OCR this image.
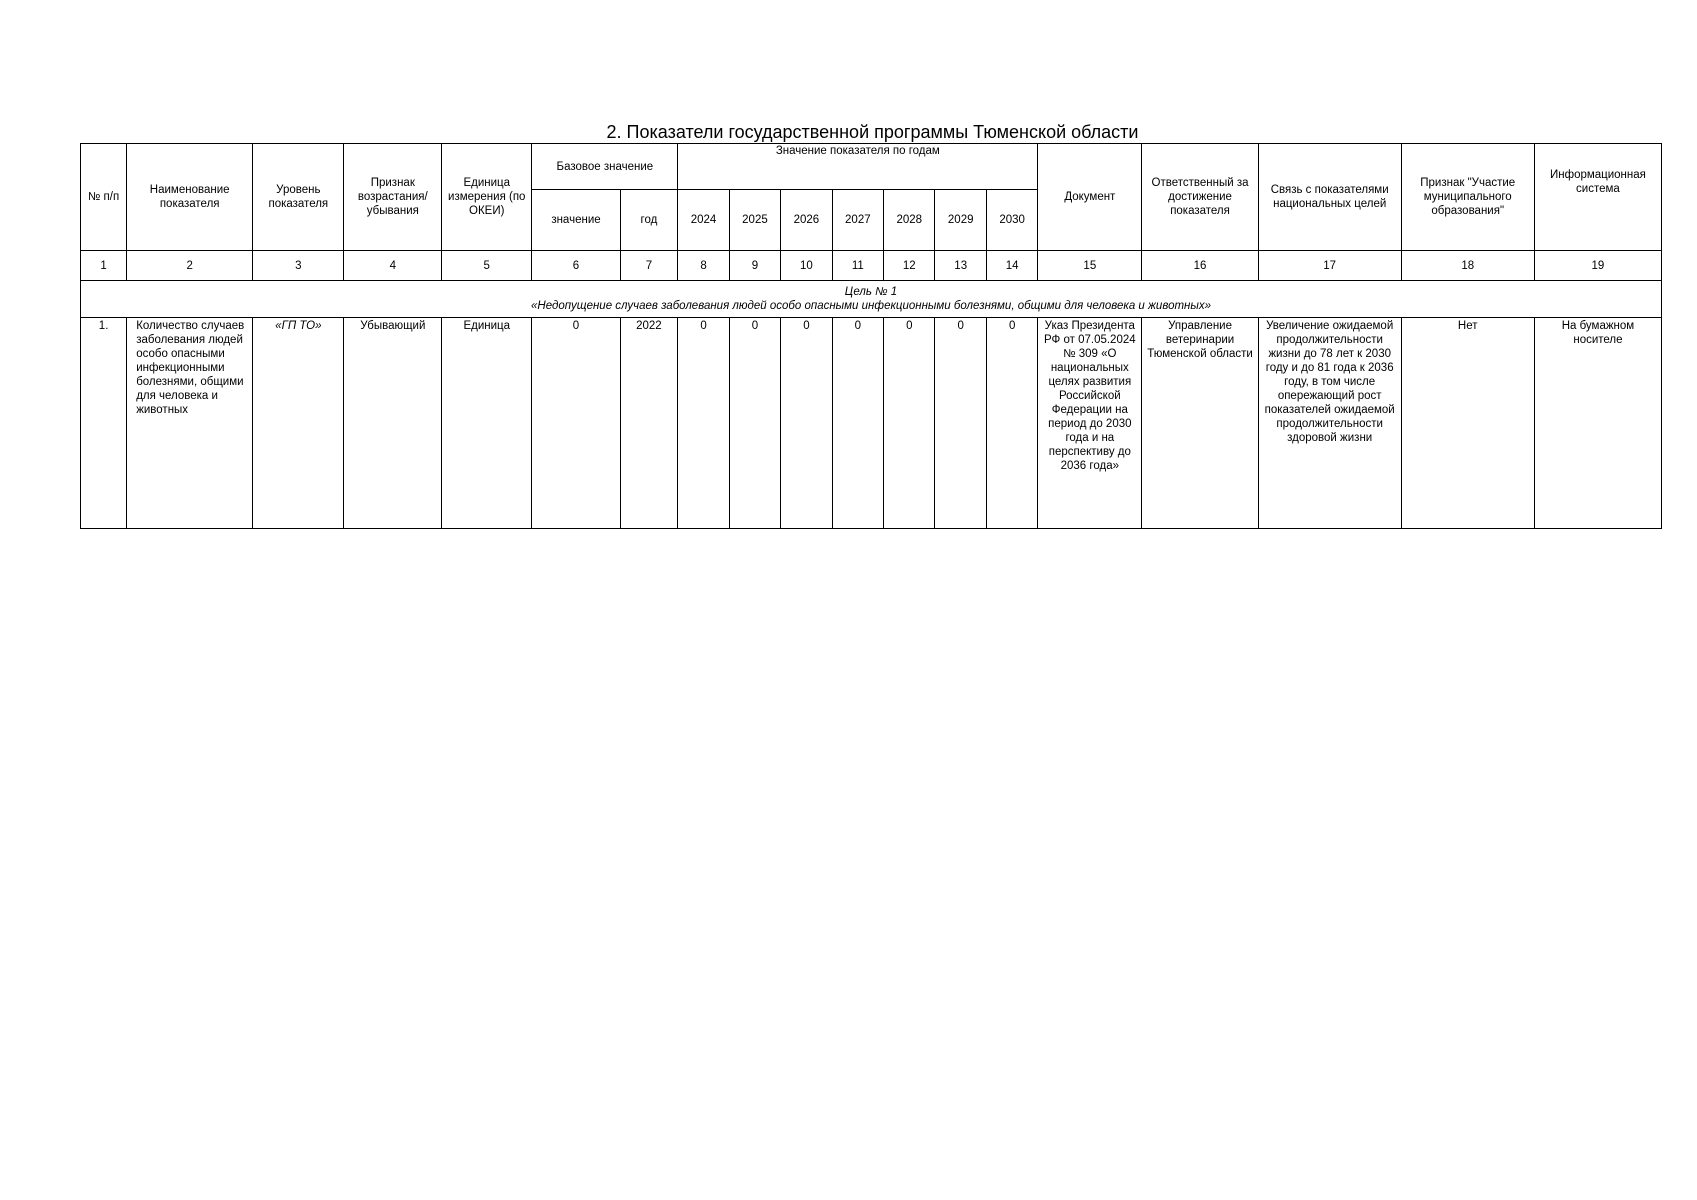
2. Показатели государственной программы Тюменской области
№ п/п	Наименование показателя	Уровень показателя	Признак возрастания/ убывания	Единица измерения (по ОКЕИ)	Базовое значение		Значение показателя по годам							Документ	Ответственный за достижение показателя	Связь с показателями национальных целей	Признак "Участие муниципального образования"	Информационная система
					значение	год	2024	2025	2026	2027	2028	2029	2030					
1	2	3	4	5	6	7	8	9	10	11	12	13	14	15	16	17	18	19

Цель № 1
«Недопущение случаев заболевания людей особо опасными инфекционными болезнями, общими для человека и животных»																		

1.	Количество случаев заболевания людей особо опасными инфекционными болезнями, общими для человека и животных	«ГП ТО»	Убывающий	Единица	0	2022	0	0	0	0	0	0	0	Указ Президента РФ от 07.05.2024 № 309 «О национальных целях развития Российской Федерации на период до 2030 года и на перспективу до 2036 года»	Управление ветеринарии Тюменской области	Увеличение ожидаемой продолжительности жизни до 78 лет к 2030 году и до 81 года к 2036 году, в том числе опережающий рост показателей ожидаемой продолжительности здоровой жизни	Нет	На бумажном носителе
